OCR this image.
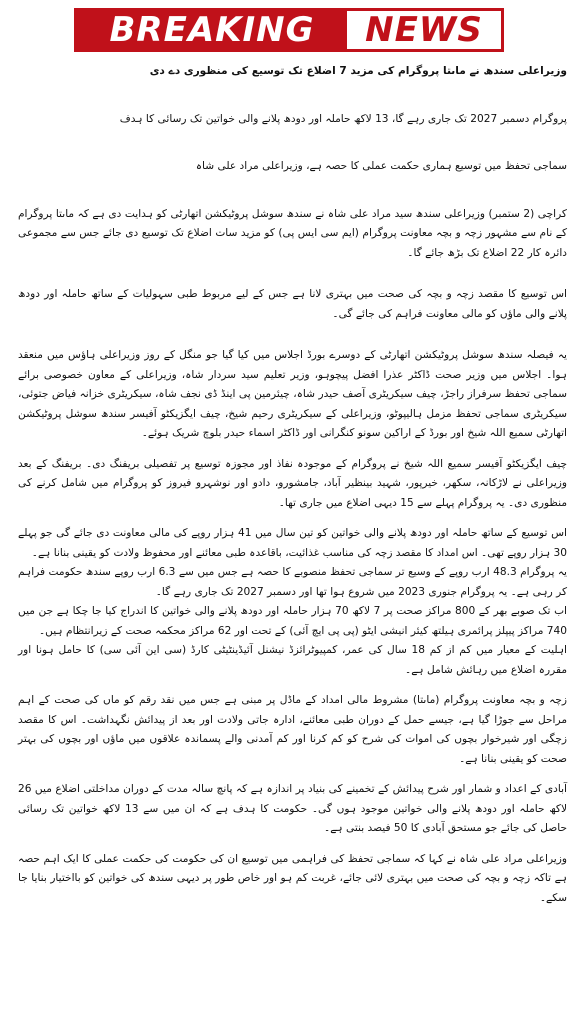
BREAKING	NEWS

وزیراعلی سندھ نے ماںتا پروگرام کی مزید 7 اضلاع تک توسیع کی منظوری دے دی

پروگرام دسمبر 2027 تک جاری رہے گا، 13 لاکھ حاملہ اور دودھ پلانے والی خواتین تک رسائی کا ہدف

سماجی تحفظ میں توسیع ہماری حکمت عملی کا حصہ ہے، وزیراعلی مراد علی شاہ

کراچی (2 ستمبر) وزیراعلی سندھ سید مراد علی شاہ نے سندھ سوشل پروٹیکشن اتھارٹی کو ہدایت دی ہے کہ ماںتا پروگرام کے نام سے مشہور زچہ و بچہ معاونت پروگرام (ایم سی ایس پی) کو مزید سات اضلاع تک توسیع دی جائے جس سے مجموعی دائرہ کار 22 اضلاع تک بڑھ جائے گا۔

اس توسیع کا مقصد زچہ و بچہ کی صحت میں بہتری لانا ہے جس کے لیے مربوط طبی سہولیات کے ساتھ حاملہ اور دودھ پلانے والی ماؤں کو مالی معاونت فراہم کی جائے گی۔

یہ فیصلہ سندھ سوشل پروٹیکشن اتھارٹی کے دوسرے بورڈ اجلاس میں کیا گیا جو منگل کے روز وزیراعلی ہاؤس میں منعقد ہوا۔ اجلاس میں وزیر صحت ڈاکٹر عذرا افضل پیچوہو، وزیر تعلیم سید سردار شاہ، وزیراعلی کے معاون خصوصی برائے سماجی تحفظ سرفراز راجڑ، چیف سیکریٹری آصف حیدر شاہ، چیئرمین پی اینڈ ڈی نجف شاہ، سیکریٹری خزانہ فیاض جتوئی، سیکریٹری سماجی تحفظ مزمل ہالیپوٹو، وزیراعلی کے سیکریٹری رحیم شیخ، چیف ایگزیکٹو آفیسر سندھ سوشل پروٹیکشن اتھارٹی سمیع اللہ شیخ اور بورڈ کے اراکین سونو کنگرانی اور ڈاکٹر اسماء حیدر بلوچ شریک ہوئے۔

چیف ایگزیکٹو آفیسر سمیع اللہ شیخ نے پروگرام کے موجودہ نفاذ اور مجوزہ توسیع پر تفصیلی بریفنگ دی۔ بریفنگ کے بعد وزیراعلی نے لاڑکانہ، سکھر، خیرپور، شہید بینظیر آباد، جامشورو، دادو اور نوشہرو فیروز کو پروگرام میں شامل کرنے کی منظوری دی۔ یہ پروگرام پہلے سے 15 دیہی اضلاع میں جاری تھا۔

اس توسیع کے ساتھ حاملہ اور دودھ پلانے والی خواتین کو تین سال میں 41 ہزار روپے کی مالی معاونت دی جائے گی جو پہلے 30 ہزار روپے تھی۔ اس امداد کا مقصد زچہ کی مناسب غذائیت، باقاعدہ طبی معائنے اور محفوظ ولادت کو یقینی بنانا ہے۔

یہ پروگرام 48.3 ارب روپے کے وسیع تر سماجی تحفظ منصوبے کا حصہ ہے جس میں سے 6.3 ارب روپے سندھ حکومت فراہم کر رہی ہے۔ یہ پروگرام جنوری 2023 میں شروع ہوا تھا اور دسمبر 2027 تک جاری رہے گا۔

اب تک صوبے بھر کے 800 مراکز صحت پر 7 لاکھ 70 ہزار حاملہ اور دودھ پلانے والی خواتین کا اندراج کیا جا چکا ہے جن میں 740 مراکز پیپلز پرائمری ہیلتھ کیئر انیشی ایٹو (پی پی ایچ آئی) کے تحت اور 62 مراکز محکمہ صحت کے زیرانتظام ہیں۔

اہلیت کے معیار میں کم از کم 18 سال کی عمر، کمپیوٹرائزڈ نیشنل آئیڈینٹیٹی کارڈ (سی این آئی سی) کا حامل ہونا اور مقررہ اضلاع میں رہائش شامل ہے۔

زچہ و بچہ معاونت پروگرام (ماںتا) مشروط مالی امداد کے ماڈل پر مبنی ہے جس میں نقد رقم کو ماں کی صحت کے اہم مراحل سے جوڑا گیا ہے، جیسے حمل کے دوران طبی معائنے، ادارہ جاتی ولادت اور بعد از پیدائش نگہداشت۔ اس کا مقصد زچگی اور شیرخوار بچوں کی اموات کی شرح کو کم کرنا اور کم آمدنی والے پسماندہ علاقوں میں ماؤں اور بچوں کی بہتر صحت کو یقینی بنانا ہے۔

آبادی کے اعداد و شمار اور شرح پیدائش کے تخمینے کی بنیاد پر اندازہ ہے کہ پانچ سالہ مدت کے دوران مداخلتی اضلاع میں 26 لاکھ حاملہ اور دودھ پلانے والی خواتین موجود ہوں گی۔ حکومت کا ہدف ہے کہ ان میں سے 13 لاکھ خواتین تک رسائی حاصل کی جائے جو مستحق آبادی کا 50 فیصد بنتی ہے۔

وزیراعلی مراد علی شاہ نے کہا کہ سماجی تحفظ کی فراہمی میں توسیع ان کی حکومت کی حکمت عملی کا ایک اہم حصہ ہے تاکہ زچہ و بچہ کی صحت میں بہتری لائی جائے، غربت کم ہو اور خاص طور پر دیہی سندھ کی خواتین کو بااختیار بنایا جا سکے۔
